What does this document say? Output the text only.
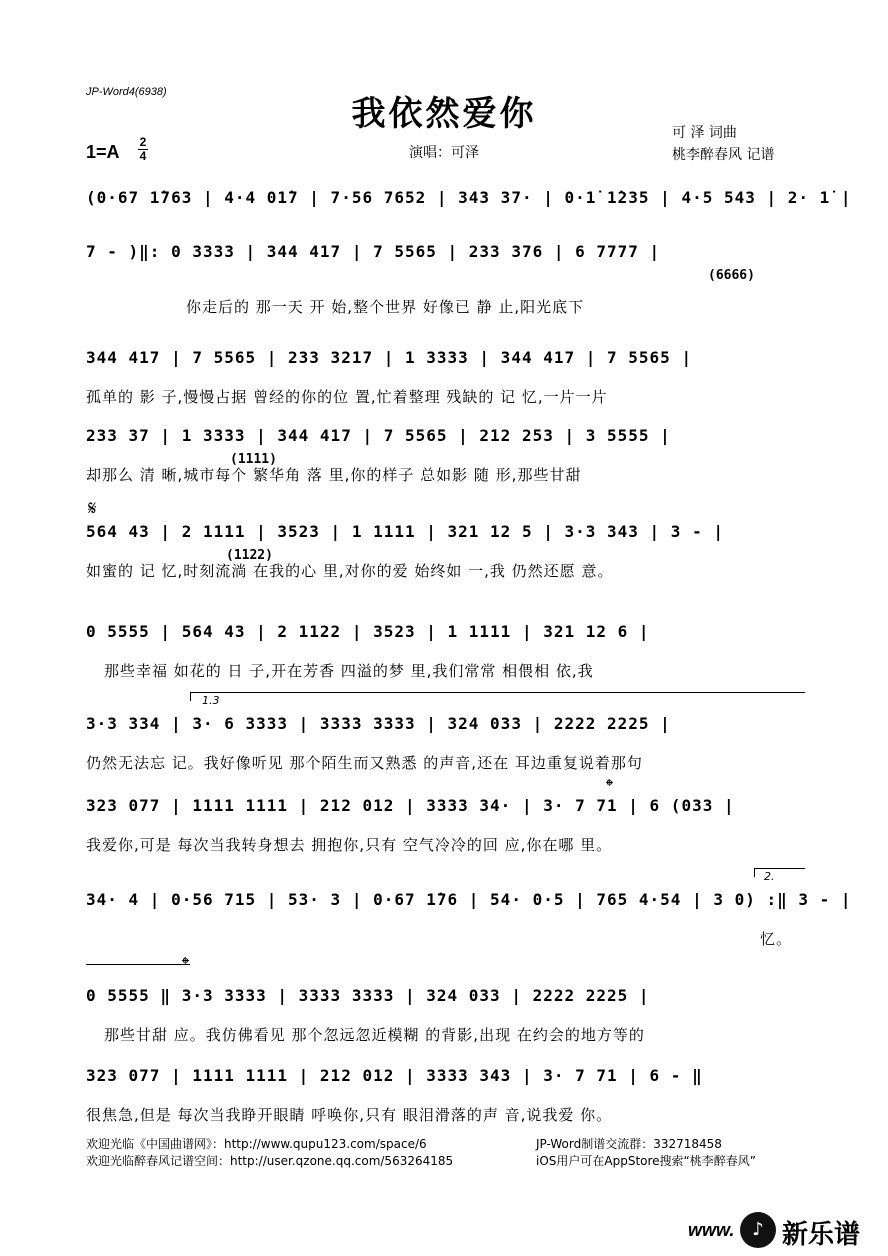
JP-Word4(6938)
我依然爱你
1=A 2
4	演唱：可泽
可 泽 词曲
桃李醉春风 记谱
(0·67 1̇763 | 4·4 01̇7 | 7·56 7652 | 343 37· | 0·1̇ 1̇235 | 4·5 543 | 2· 1̇ |
7 - )‖: 0 3333 | 344 417 | 7 5565 | 233 376 | 6 7777 |
(6666)
你走后的 那一天 开 始,整个世界 好像已 静 止,阳光底下
344 417 | 7 5565 | 233 3217 | 1 3333 | 344 417 | 7 5565 |
孤单的 影 子,慢慢占据 曾经的你的位 置,忙着整理 残缺的 记 忆,一片一片
233 37 | 1 3333 | 344 417 | 7 5565 | 212 253 | 3 5555 |
(1111)
却那么 清 晰,城市每个 繁华角 落 里,你的样子 总如影 随 形,那些甘甜
564 43 | 2 1111 | 3523 | 1 1111 | 321 12 5 | 3·3 343 | 3 - |
(1122)
如蜜的 记 忆,时刻流淌 在我的心 里,对你的爱 始终如 一,我 仍然还愿 意。
0 5555 | 564 43 | 2 1122 | 3523 | 1 1111 | 321 12 6 |
那些幸福 如花的 日 子,开在芳香 四溢的梦 里,我们常常 相偎相 依,我
3·3 334 | 3· 6 3333 | 3333 3333 | 324 033 | 2222 2225 |
仍然无法忘 记。我好像听见 那个陌生而又熟悉 的声音,还在 耳边重复说着那句
323 077 | 1111 1111 | 212 012 | 3333 34· | 3· 7 71 | 6 (033 |
我爱你,可是 每次当我转身想去 拥抱你,只有 空气冷冷的回 应,你在哪 里。
34· 4 | 0·56 715 | 53· 3 | 0·67 1̇76 | 54· 0·5 | 765 4·54 | 3 0) :‖ 3 - |
忆。
0 5555 ‖ 3·3 3333 | 3333 3333 | 324 033 | 2222 2225 |
那些甘甜 应。我仿佛看见 那个忽远忽近模糊 的背影,出现 在约会的地方等的
323 077 | 1111 1111 | 212 012 | 3333 343 | 3· 7 71 | 6 - ‖
很焦急,但是 每次当我睁开眼睛 呼唤你,只有 眼泪滑落的声 音,说我爱 你。
𝄋
𝄌
𝄌
1.3
2.
欢迎光临《中国曲谱网》：http://www.qupu123.com/space/6
欢迎光临醉春风记谱空间：http://user.qzone.qq.com/563264185
JP-Word制谱交流群：332718458
iOS用户可在AppStore搜索“桃李醉春风”
www. ♪ 新乐谱
